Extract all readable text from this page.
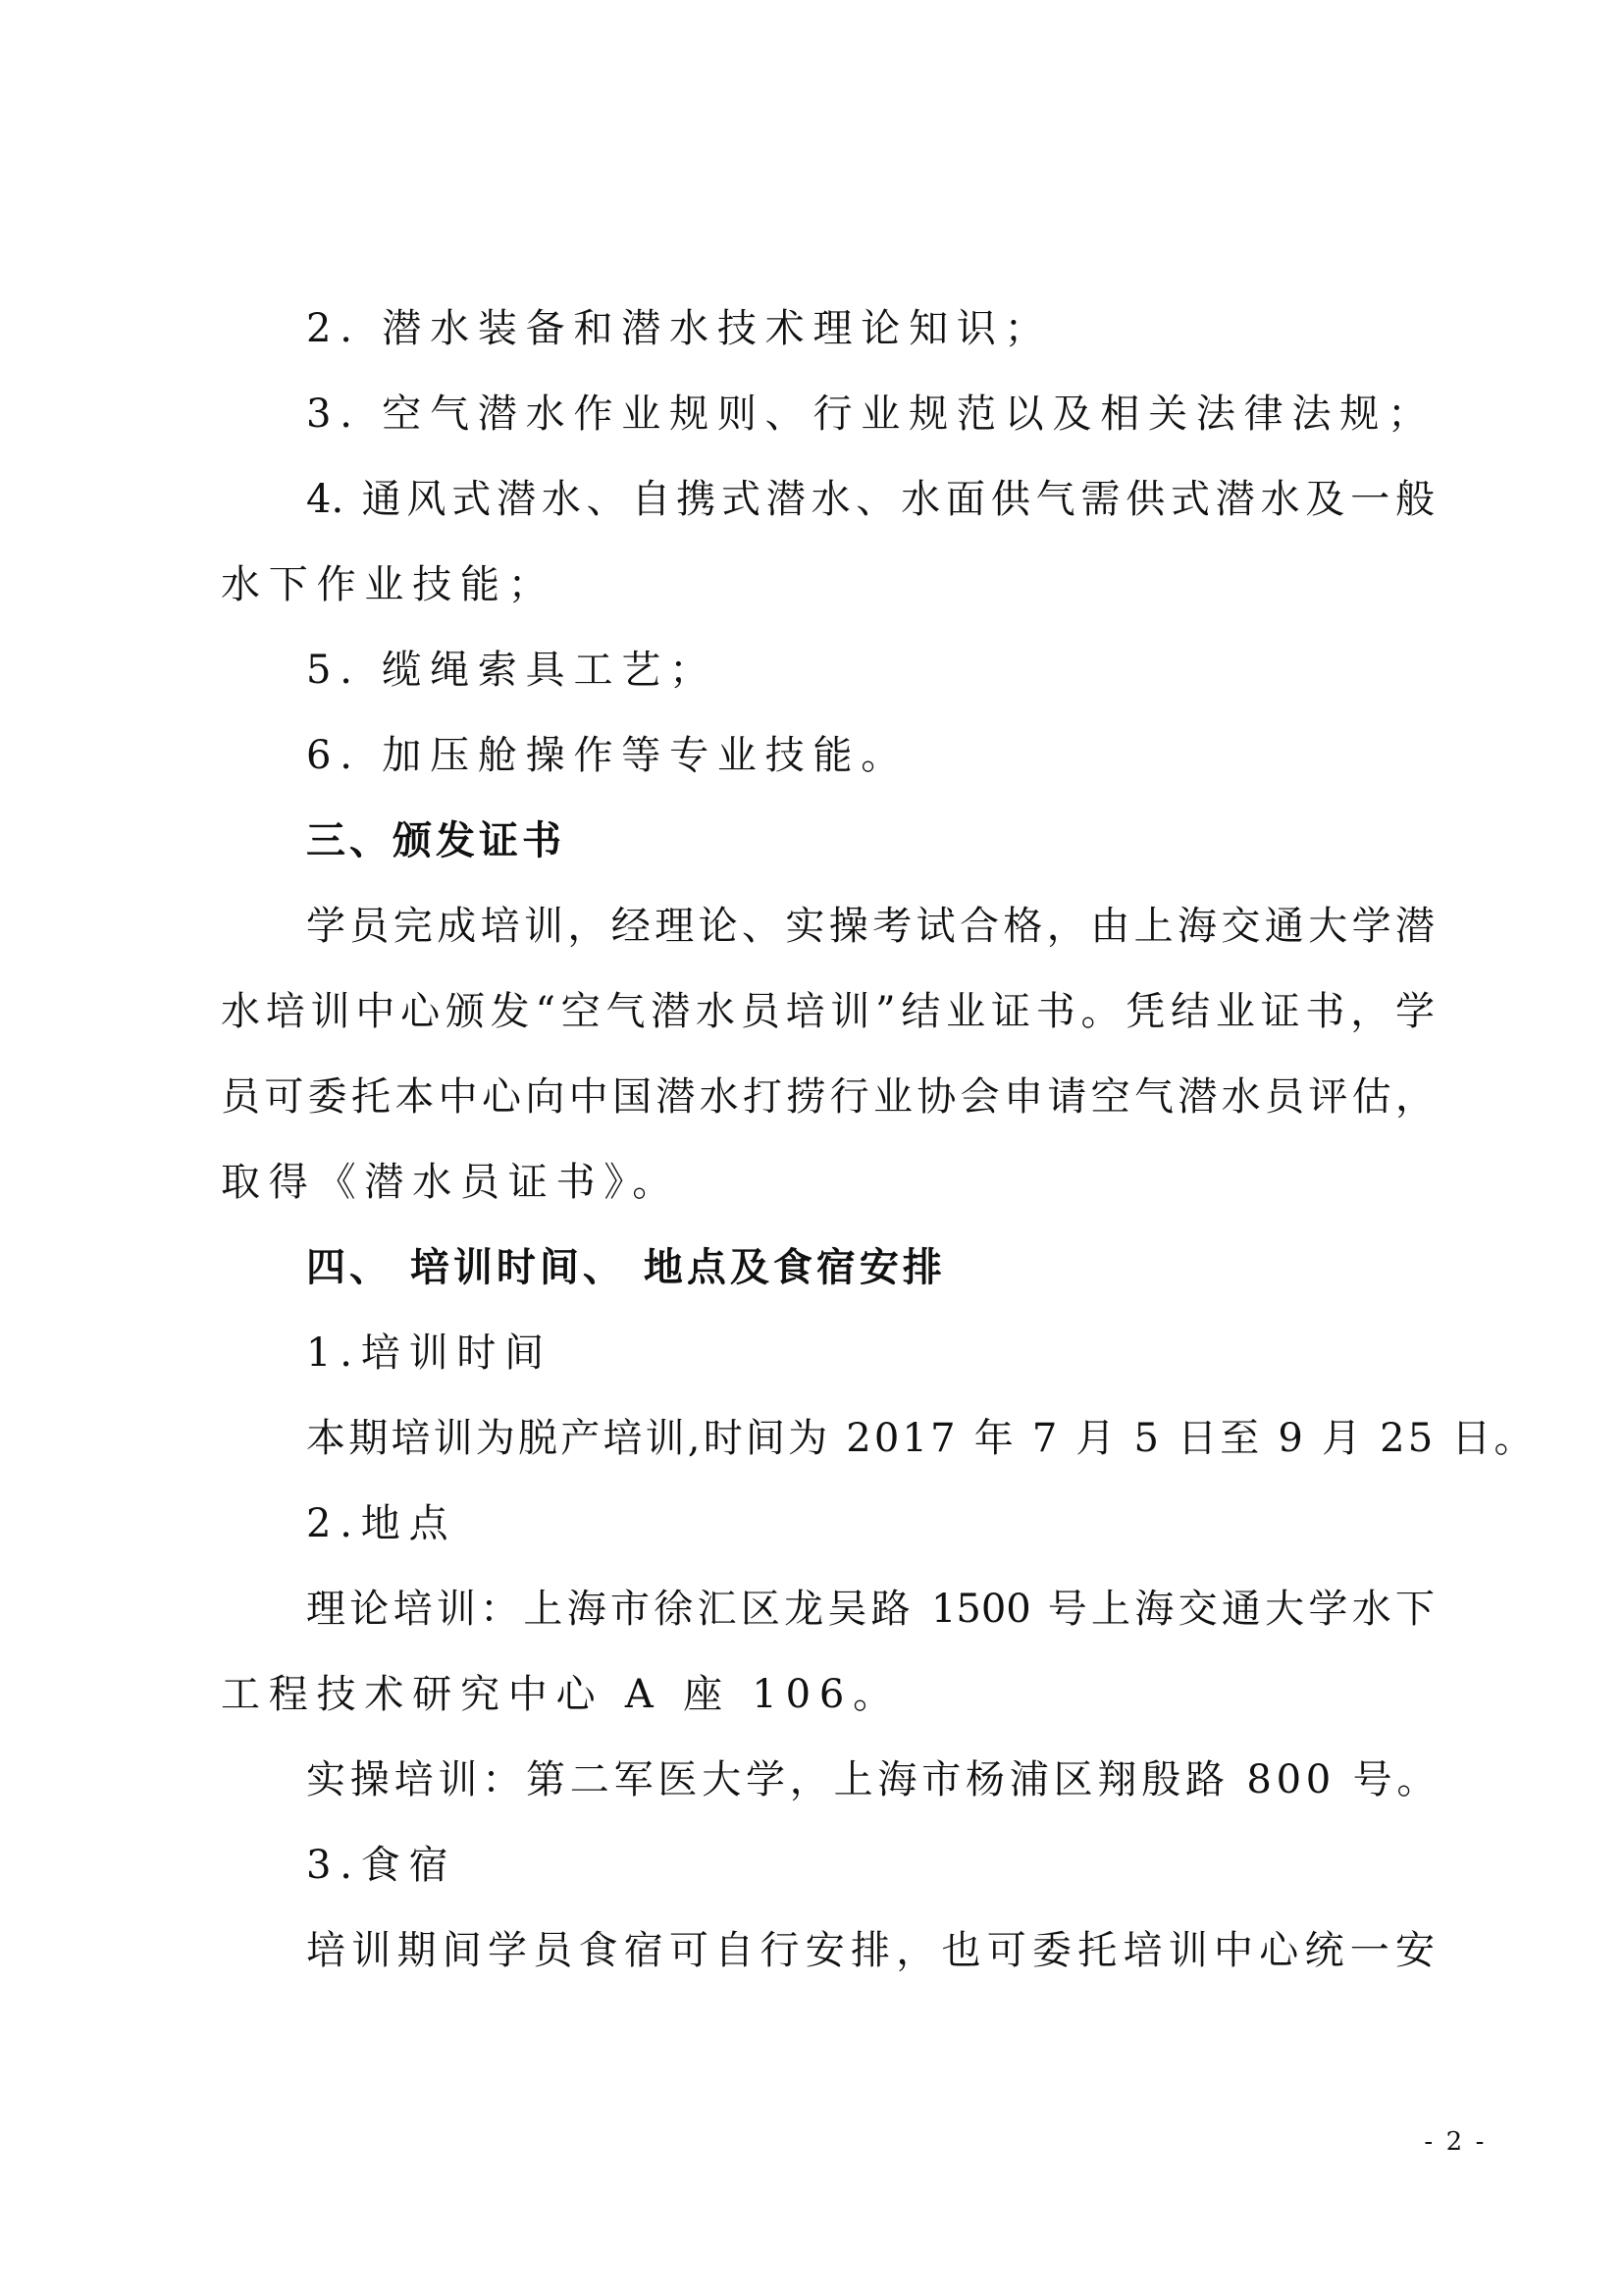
2. 潜水装备和潜水技术理论知识；
3. 空气潜水作业规则、行业规范以及相关法律法规；
4. 通风式潜水、自携式潜水、水面供气需供式潜水及一般
水下作业技能；
5. 缆绳索具工艺；
6. 加压舱操作等专业技能。
三、颁发证书
学员完成培训，经理论、实操考试合格，由上海交通大学潜
水培训中心颁发“空气潜水员培训”结业证书。凭结业证书，学
员可委托本中心向中国潜水打捞行业协会申请空气潜水员评估，
取得《潜水员证书》。
四、 培训时间、 地点及食宿安排
1.培训时间
本期培训为脱产培训,时间为 2017 年 7 月 5 日至 9 月 25 日。
2.地点
理论培训：上海市徐汇区龙吴路 1500 号上海交通大学水下
工程技术研究中心 A 座 106。
实操培训：第二军医大学，上海市杨浦区翔殷路 800 号。
3.食宿
培训期间学员食宿可自行安排，也可委托培训中心统一安
- 2 -
